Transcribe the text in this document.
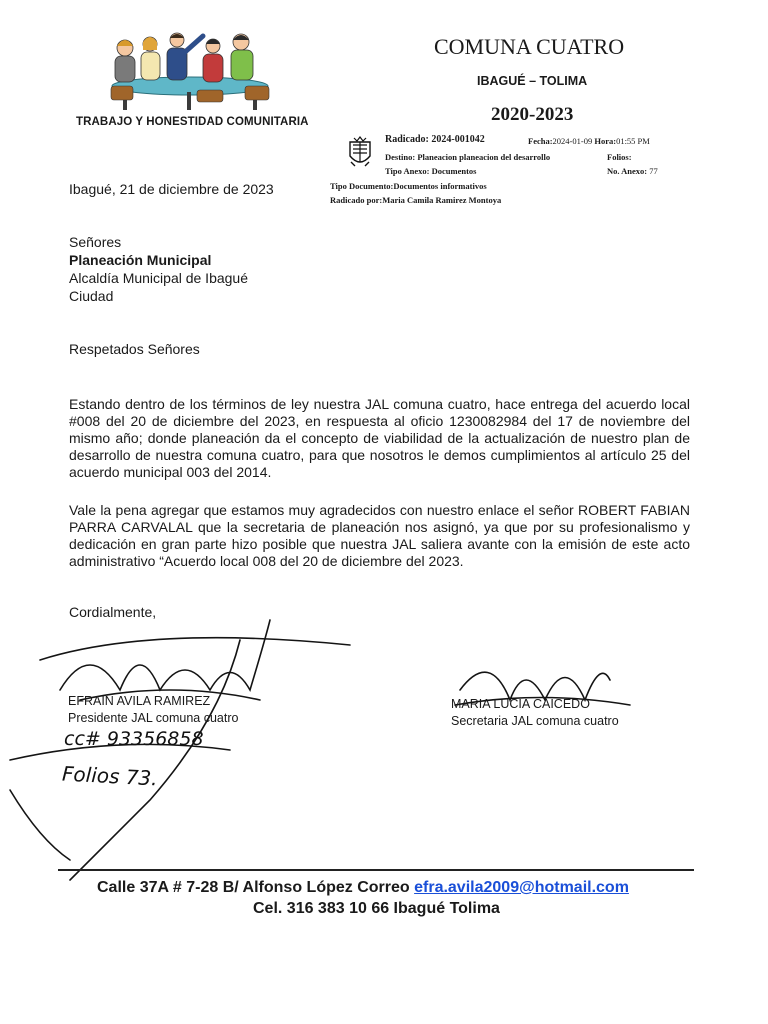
TRABAJO Y HONESTIDAD COMUNITARIA
COMUNA CUATRO
IBAGUÉ – TOLIMA
2020-2023
Radicado: 2024-001042	Fecha:2024-01-09 Hora:01:55 PM
Destino: Planeacion planeacion del desarrollo	Folios:
Tipo Anexo: Documentos	No. Anexo: 77
Tipo Documento:Documentos informativos
Radicado por:Maria Camila Ramirez Montoya
Ibagué, 21 de diciembre de 2023
Señores
Planeación Municipal
Alcaldía Municipal de Ibagué
Ciudad
Respetados Señores
Estando dentro de los términos de ley nuestra JAL comuna cuatro, hace entrega del acuerdo local #008 del 20 de diciembre del 2023, en respuesta al oficio 1230082984 del 17 de noviembre del mismo año; donde planeación da el concepto de viabilidad de la actualización de nuestro plan de desarrollo de nuestra comuna cuatro, para que nosotros le demos cumplimientos al artículo 25 del acuerdo municipal 003 del 2014.
Vale la pena agregar que estamos muy agradecidos con nuestro enlace el señor ROBERT FABIAN PARRA CARVALAL que la secretaria de planeación nos asignó, ya que por su profesionalismo y dedicación en gran parte hizo posible que nuestra JAL saliera avante con la emisión de este acto administrativo “Acuerdo local 008 del 20 de diciembre del 2023.
Cordialmente,
EFRAIN AVILA RAMIREZ
Presidente JAL comuna cuatro
cc# 93356858
Folios 73.
MARIA LUCIA CAICEDO
Secretaria JAL comuna cuatro
Calle 37A # 7-28 B/ Alfonso López Correo efra.avila2009@hotmail.com
Cel. 316 383 10 66 Ibagué Tolima
